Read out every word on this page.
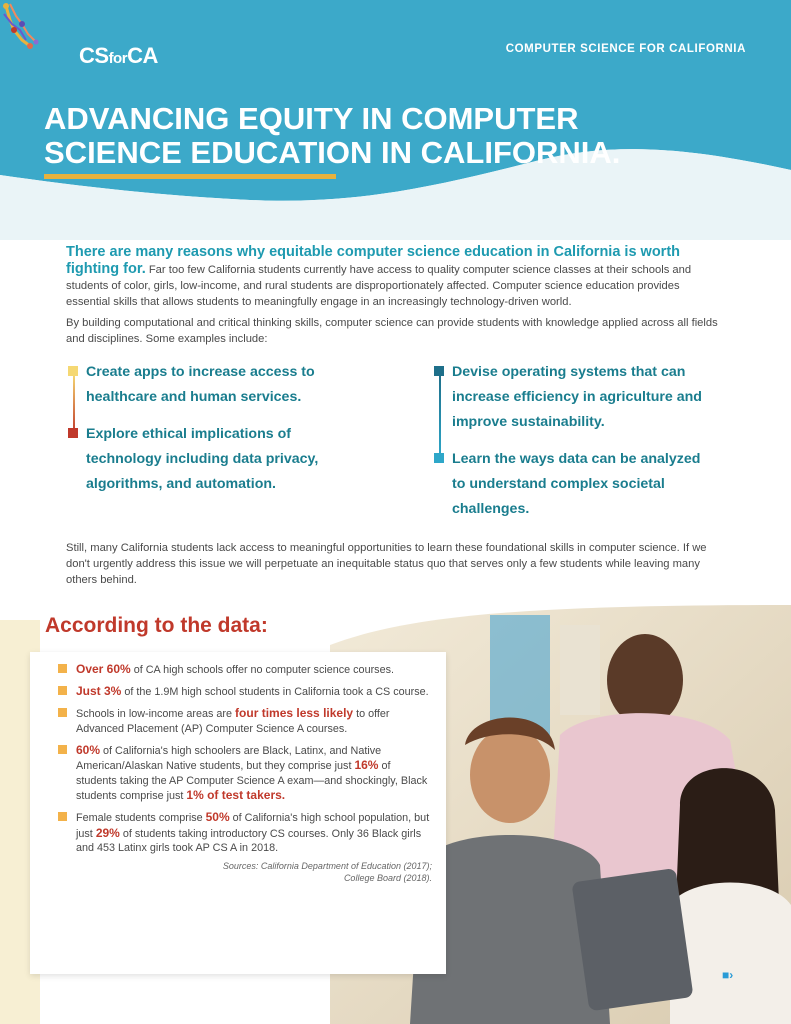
CSforCA	COMPUTER SCIENCE FOR CALIFORNIA
ADVANCING EQUITY IN COMPUTER
SCIENCE EDUCATION IN CALIFORNIA.
There are many reasons why equitable computer science education in California is worth fighting for. Far too few California students currently have access to quality computer science classes at their schools and students of color, girls, low-income, and rural students are disproportionately affected. Computer science education provides essential skills that allows students to meaningfully engage in an increasingly technology-driven world.
By building computational and critical thinking skills, computer science can provide students with knowledge applied across all fields and disciplines. Some examples include:
Create apps to increase access to healthcare and human services.
Explore ethical implications of technology including data privacy, algorithms, and automation.
Devise operating systems that can increase efficiency in agriculture and improve sustainability.
Learn the ways data can be analyzed to understand complex societal challenges.
Still, many California students lack access to meaningful opportunities to learn these foundational skills in computer science. If we don't urgently address this issue we will perpetuate an inequitable status quo that serves only a few students while leaving many others behind.
According to the data:
Over 60% of CA high schools offer no computer science courses.
Just 3% of the 1.9M high school students in California took a CS course.
Schools in low-income areas are four times less likely to offer Advanced Placement (AP) Computer Science A courses.
60% of California's high schoolers are Black, Latinx, and Native American/Alaskan Native students, but they comprise just 16% of students taking the AP Computer Science A exam—and shockingly, Black students comprise just 1% of test takers.
Female students comprise 50% of California's high school population, but just 29% of students taking introductory CS courses. Only 36 Black girls and 453 Latinx girls took AP CS A in 2018.
Sources: California Department of Education (2017);
College Board (2018).
■›
